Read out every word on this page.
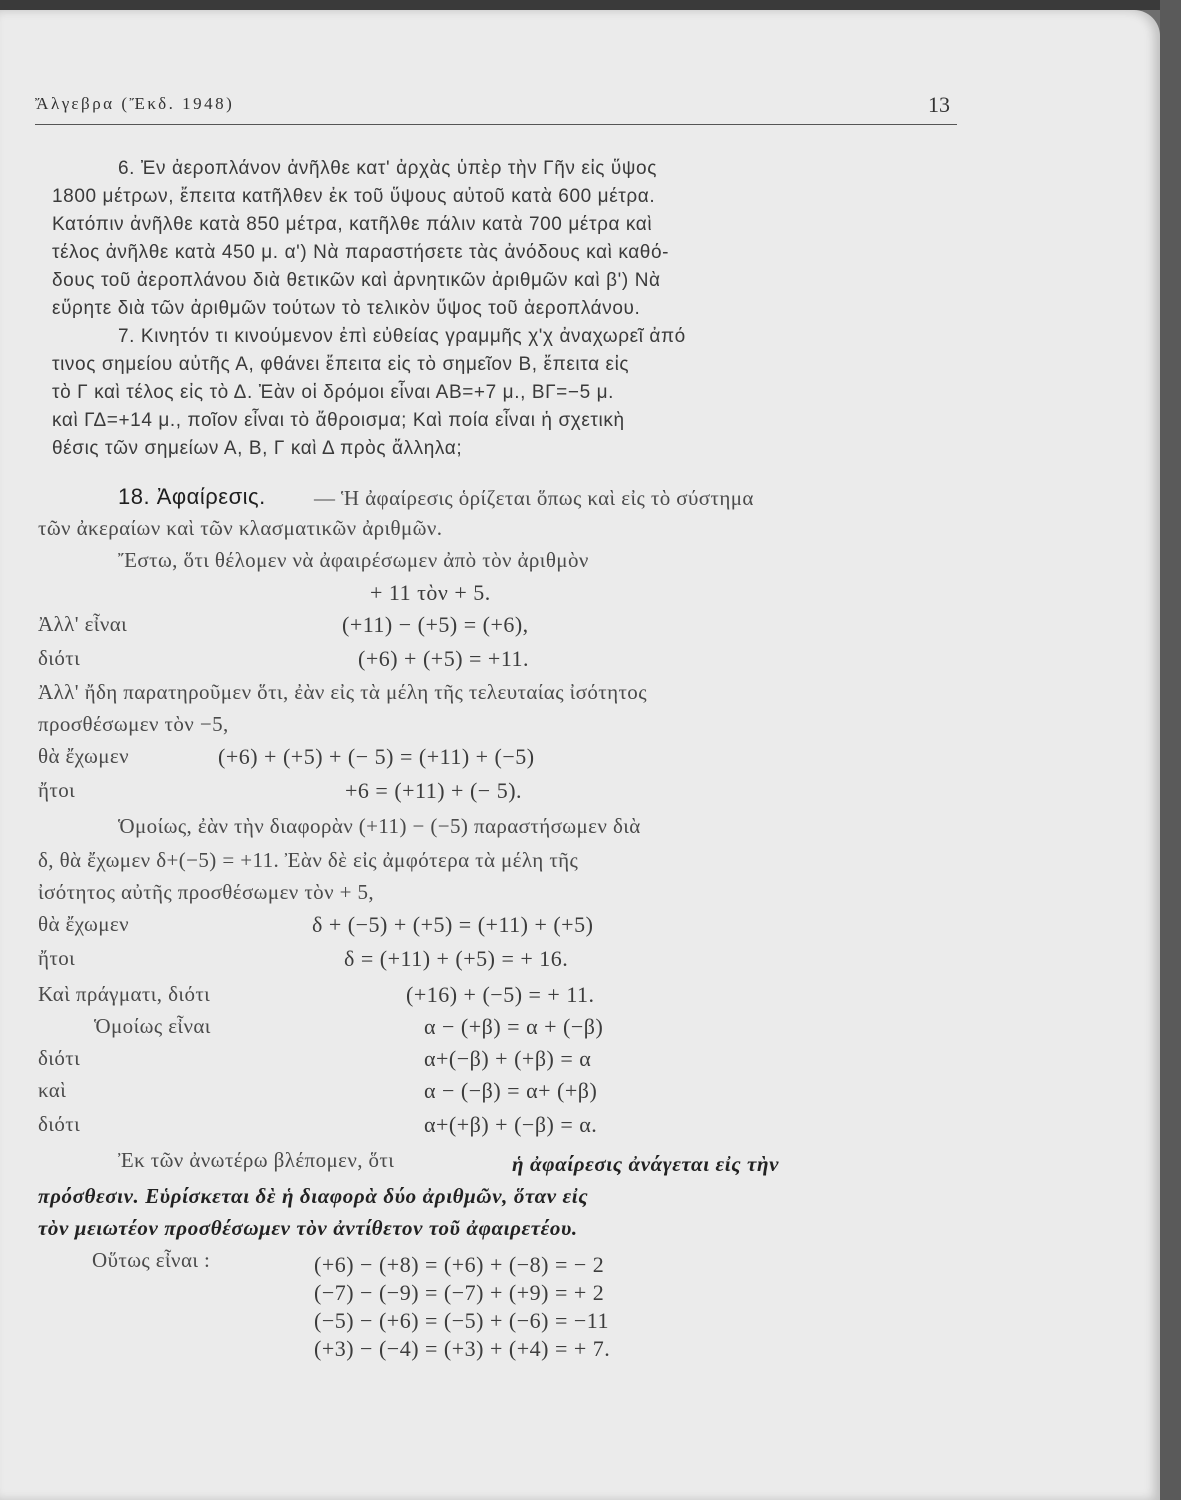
Ἄλγεβρα (Ἔκδ. 1948)	13
6. Ἐν ἀεροπλάνον ἀνῆλθε κατ' ἀρχὰς ὑπὲρ τὴν Γῆν εἰς ὕψος
1800 μέτρων, ἔπειτα κατῆλθεν ἐκ τοῦ ὕψους αὐτοῦ κατὰ 600 μέτρα.
Κατόπιν ἀνῆλθε κατὰ 850 μέτρα, κατῆλθε πάλιν κατὰ 700 μέτρα καὶ
τέλος ἀνῆλθε κατὰ 450 μ. α') Νὰ παραστήσετε τὰς ἀνόδους καὶ καθό-
δους τοῦ ἀεροπλάνου διὰ θετικῶν καὶ ἀρνητικῶν ἀριθμῶν καὶ β') Νὰ
εὕρητε διὰ τῶν ἀριθμῶν τούτων τὸ τελικὸν ὕψος τοῦ ἀεροπλάνου.
7. Κινητόν τι κινούμενον ἐπὶ εὐθείας γραμμῆς χ'χ ἀναχωρεῖ ἀπό
τινος σημείου αὐτῆς Α, φθάνει ἔπειτα εἰς τὸ σημεῖον Β, ἔπειτα εἰς
τὸ Γ καὶ τέλος εἰς τὸ Δ. Ἐὰν οἱ δρόμοι εἶναι ΑΒ=+7 μ., ΒΓ=−5 μ.
καὶ ΓΔ=+14 μ., ποῖον εἶναι τὸ ἄθροισμα; Καὶ ποία εἶναι ἡ σχετικὴ
θέσις τῶν σημείων Α, Β, Γ καὶ Δ πρὸς ἄλληλα;
18. Ἀφαίρεσις. — Ἡ ἀφαίρεσις ὁρίζεται ὅπως καὶ εἰς τὸ σύστημα
τῶν ἀκεραίων καὶ τῶν κλασματικῶν ἀριθμῶν.
Ἔστω, ὅτι θέλομεν νὰ ἀφαιρέσωμεν ἀπὸ τὸν ἀριθμὸν
+ 11 τὸν + 5.
Ἀλλ' εἶναι	(+11) − (+5) = (+6),
διότι	(+6) + (+5) = +11.
Ἀλλ' ἤδη παρατηροῦμεν ὅτι, ἐὰν εἰς τὰ μέλη τῆς τελευταίας ἰσότητος
προσθέσωμεν τὸν −5,
θὰ ἔχωμεν	(+6) + (+5) + (− 5) = (+11) + (−5)
ἤτοι	+6 = (+11) + (− 5).
Ὁμοίως, ἐὰν τὴν διαφορὰν (+11) − (−5) παραστήσωμεν διὰ
δ, θὰ ἔχωμεν δ+(−5) = +11. Ἐὰν δὲ εἰς ἀμφότερα τὰ μέλη τῆς
ἰσότητος αὐτῆς προσθέσωμεν τὸν + 5,
θὰ ἔχωμεν	δ + (−5) + (+5) = (+11) + (+5)
ἤτοι	δ = (+11) + (+5) = + 16.
Καὶ πράγματι, διότι	(+16) + (−5) = + 11.
Ὁμοίως εἶναι	α − (+β) = α + (−β)
διότι	α+(−β) + (+β) = α
καὶ	α − (−β) = α+ (+β)
διότι	α+(+β) + (−β) = α.
Ἐκ τῶν ἀνωτέρω βλέπομεν, ὅτι	ἡ ἀφαίρεσις ἀνάγεται εἰς τὴν
πρόσθεσιν. Εὑρίσκεται δὲ ἡ διαφορὰ δύο ἀριθμῶν, ὅταν εἰς
τὸν μειωτέον προσθέσωμεν τὸν ἀντίθετον τοῦ ἀφαιρετέου.
Οὕτως εἶναι :	(+6) − (+8) = (+6) + (−8) = − 2
(−7) − (−9) = (−7) + (+9) = + 2
(−5) − (+6) = (−5) + (−6) = −11
(+3) − (−4) = (+3) + (+4) = + 7.
